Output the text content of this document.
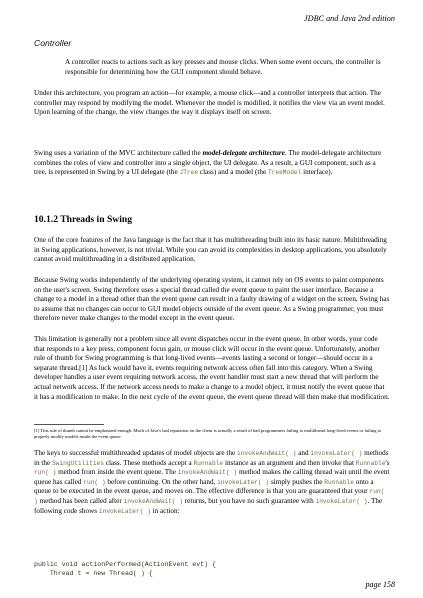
JDBC and Java 2nd edition
Controller

A controller reacts to actions such as key presses and mouse clicks. When some event occurs, the controller is responsible for determining how the GUI component should behave.

Under this architecture, you program an action—for example, a mouse click—and a controller interprets that action. The controller may respond by modifying the model. Whenever the model is modified, it notifies the view via an event model. Upon learning of the change, the view changes the way it displays itself on screen.

Swing uses a variation of the MVC architecture called the model-delegate architecture. The model-delegate architecture combines the roles of view and controller into a single object, the UI delegate. As a result, a GUI component, such as a tree, is represented in Swing by a UI delegate (the JTree class) and a model (the TreeModel interface).

10.1.2 Threads in Swing

One of the core features of the Java language is the fact that it has multithreading built into its basic nature. Multithreading in Swing applications, however, is not trivial. While you can avoid its complexities in desktop applications, you absolutely cannot avoid multithreading in a distributed application.

Because Swing works independently of the underlying operating system, it cannot rely on OS events to paint components on the user's screen. Swing therefore uses a special thread called the event queue to paint the user interface. Because a change to a model in a thread other than the event queue can result in a faulty drawing of a widget on the screen, Swing has to assume that no changes can occur to GUI model objects outside of the event queue. As a Swing programmer, you must therefore never make changes to the model except in the event queue.

This limitation is generally not a problem since all event dispatches occur in the event queue. In other words, your code that responds to a key press, component focus gain, or mouse click will occur in the event queue. Unfortunately, another rule of thumb for Swing programming is that long-lived events—events lasting a second or longer—should occur in a separate thread.[1] As luck would have it, events requiring network access often fall into this category. When a Swing developer handles a user event requiring network access, the event handler must start a new thread that will perform the actual network access. If the network access needs to make a change to a model object, it must notify the event queue that it has a modification to make. In the next cycle of the event queue, the event queue thread will then make that modification.

[1] This rule of thumb cannot be emphasized enough. Much of Java's bad reputation on the client is actually a result of bad programmers failing to multithread long-lived events or failing to properly modify models inside the event queue.

The keys to successful multithreaded updates of model objects are the invokeAndWait( ) and invokeLater( ) methods in the SwingUtilities class. These methods accept a Runnable instance as an argument and then invoke that Runnable's run( ) method from inside the event queue. The invokeAndWait( ) method makes the calling thread wait until the event queue has called run( ) before continuing. On the other hand, invokeLater( ) simply pushes the Runnable onto a queue to be executed in the event queue, and moves on. The effective difference is that you are guaranteed that your run( ) method has been called after invokeAndWait( ) returns, but you have no such guarantee with invokeLater( ). The following code shows invokeLater( ) in action:

public void actionPerformed(ActionEvent evt) {
Thread t = new Thread( ) {
page 158
